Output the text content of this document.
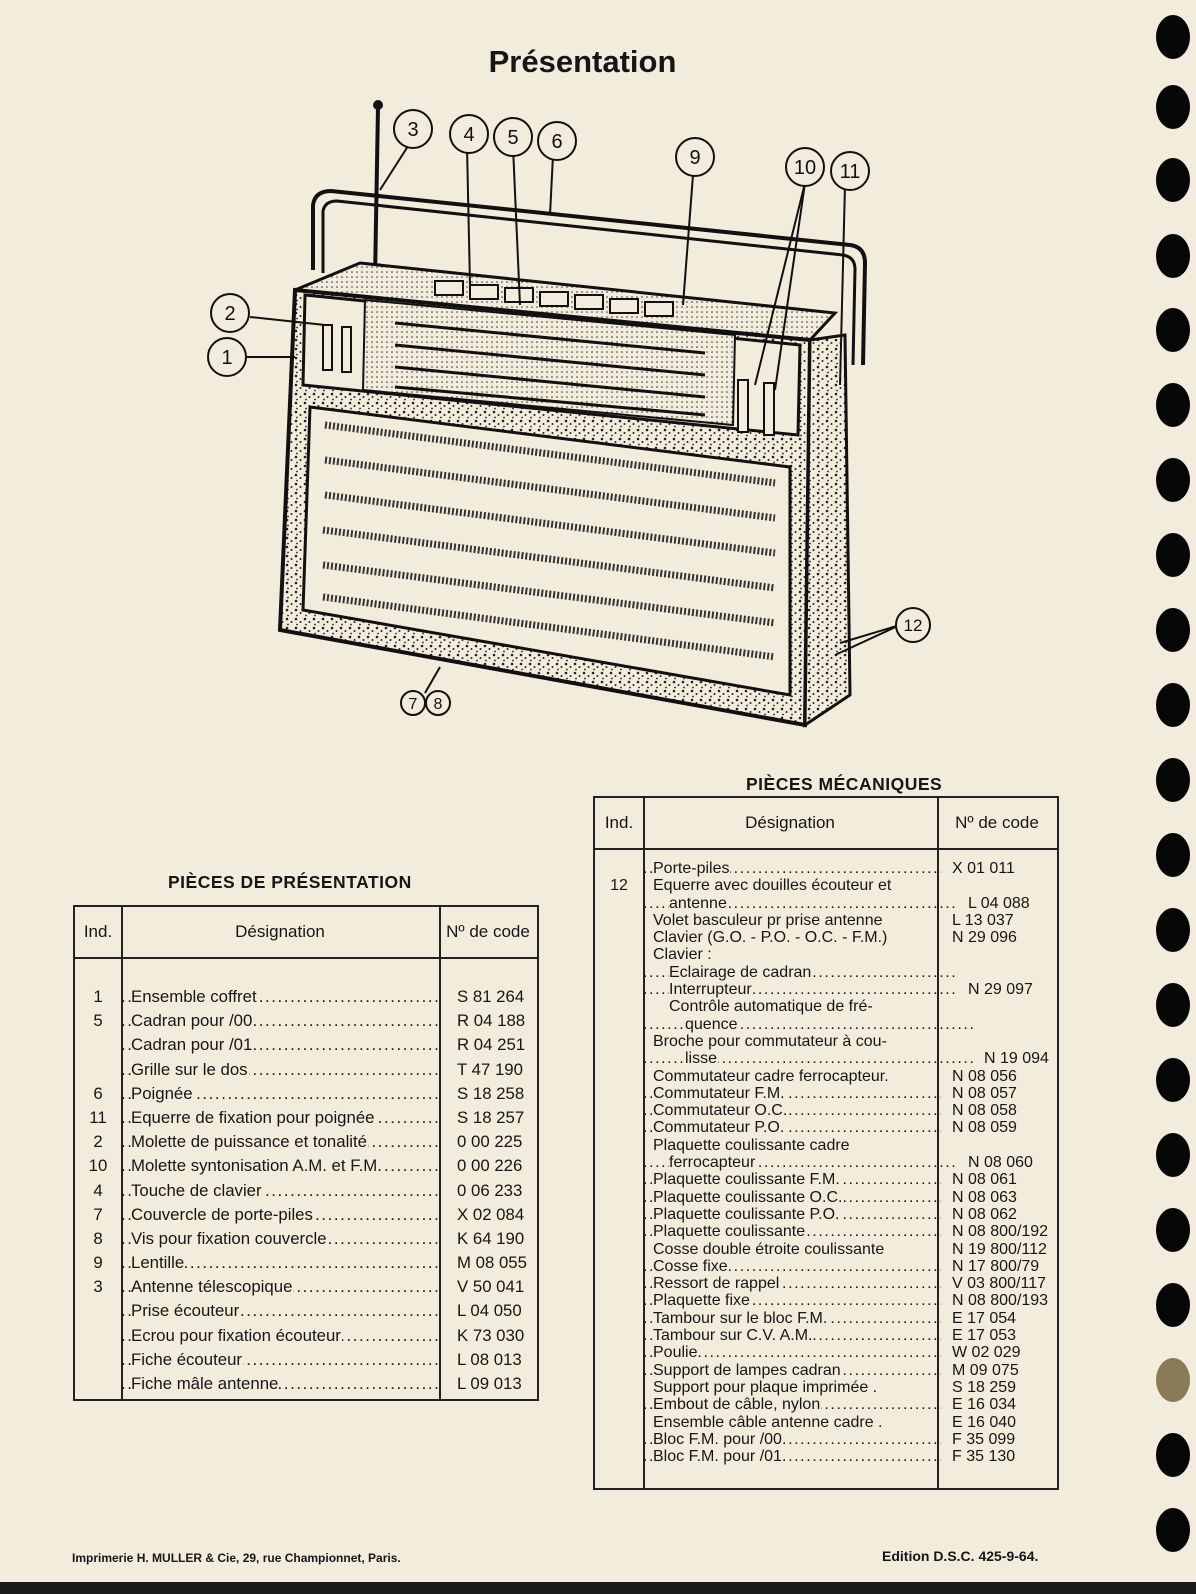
Présentation
1
2
3 4 5 6
9	10 11
12
7 8
PIÈCES DE PRÉSENTATION
Ind.	Désignation	Nº de code
1	Ensemble coffret .....	S 81 264
5	Cadran pour /00 .....	R 04 188
Cadran pour /01 .....	R 04 251
Grille sur le dos .....	T 47 190
6	Poignée .....	S 18 258
11	Equerre de fixation pour poignée .....	S 18 257
2	Molette de puissance et tonalité .....	0 00 225
10	Molette syntonisation A.M. et F.M. .....	0 00 226
4	Touche de clavier .....	0 06 233
7	Couvercle de porte-piles .....	X 02 084
8	Vis pour fixation couvercle .....	K 64 190
9	Lentille .....	M 08 055
3	Antenne télescopique .....	V 50 041
Prise écouteur .....	L 04 050
Ecrou pour fixation écouteur .....	K 73 030
Fiche écouteur .....	L 08 013
Fiche mâle antenne .....	L 09 013
PIÈCES MÉCANIQUES
Ind.	Désignation	Nº de code
Porte-piles .....	X 01 011
12	Equerre avec douilles écouteur et
antenne .....	L 04 088
Volet basculeur pr prise antenne	L 13 037
Clavier (G.O. - P.O. - O.C. - F.M.)	N 29 096
Clavier :
Eclairage de cadran .....
Interrupteur .....	N 29 097
Contrôle automatique de fré-
quence .....
Broche pour commutateur à cou-
lisse .....	N 19 094
Commutateur cadre ferrocapteur.	N 08 056
Commutateur F.M. .....	N 08 057
Commutateur O.C. .....	N 08 058
Commutateur P.O. .....	N 08 059
Plaquette coulissante cadre
ferrocapteur .....	N 08 060
Plaquette coulissante F.M. .....	N 08 061
Plaquette coulissante O.C. .....	N 08 063
Plaquette coulissante P.O. .....	N 08 062
Plaquette coulissante .....	N 08 800/192
Cosse double étroite coulissante	N 19 800/112
Cosse fixe .....	N 17 800/79
Ressort de rappel .....	V 03 800/117
Plaquette fixe .....	N 08 800/193
Tambour sur le bloc F.M. .....	E 17 054
Tambour sur C.V. A.M. .....	E 17 053
Poulie .....	W 02 029
Support de lampes cadran .....	M 09 075
Support pour plaque imprimée .	S 18 259
Embout de câble, nylon .....	E 16 034
Ensemble câble antenne cadre .	E 16 040
Bloc F.M. pour /00 .....	F 35 099
Bloc F.M. pour /01 .....	F 35 130
Imprimerie H. MULLER & Cie, 29, rue Championnet, Paris.	Edition D.S.C. 425-9-64.
